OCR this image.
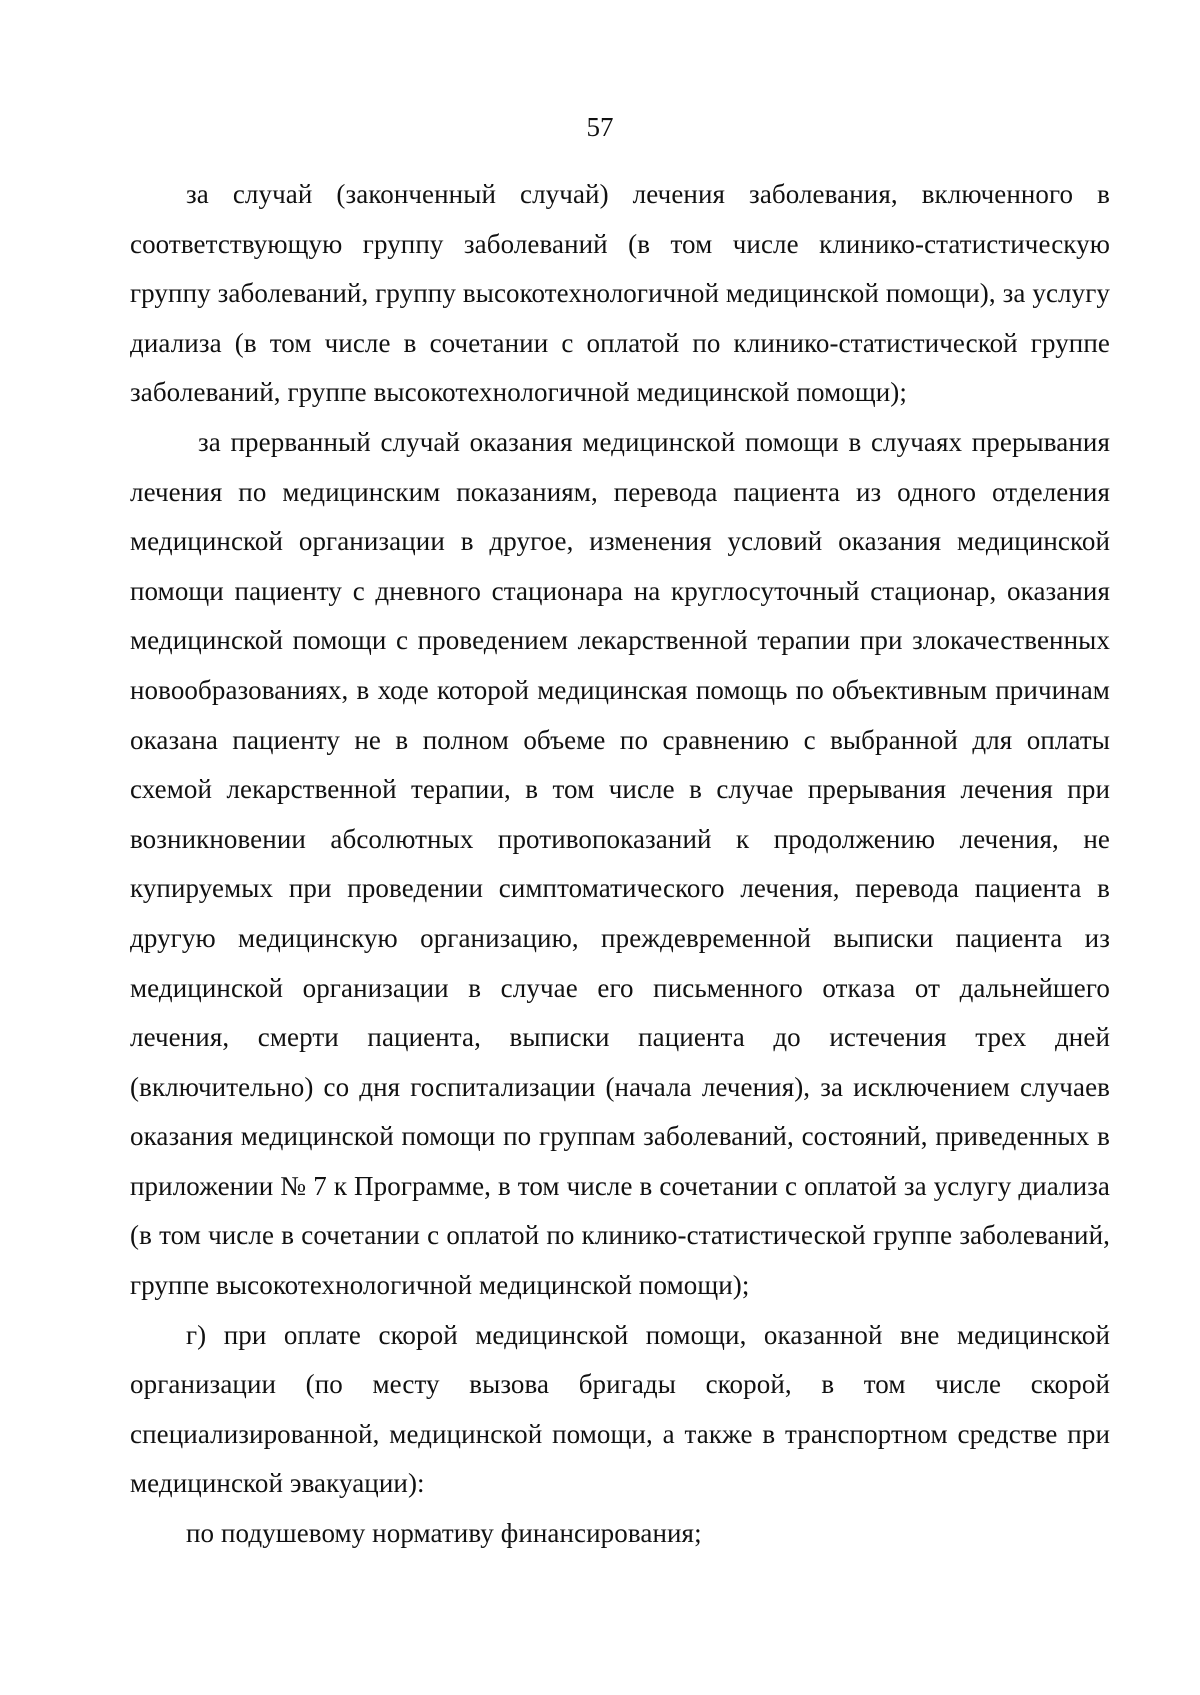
57

за случай (законченный случай) лечения заболевания, включенного в соответствующую группу заболеваний (в том числе клинико-статистическую группу заболеваний, группу высокотехнологичной медицинской помощи), за услугу диализа (в том числе в сочетании с оплатой по клинико-статистической группе заболеваний, группе высокотехнологичной медицинской помощи);

за прерванный случай оказания медицинской помощи в случаях прерывания лечения по медицинским показаниям, перевода пациента из одного отделения медицинской организации в другое, изменения условий оказания медицинской помощи пациенту с дневного стационара на круглосуточный стационар, оказания медицинской помощи с проведением лекарственной терапии при злокачественных новообразованиях, в ходе которой медицинская помощь по объективным причинам оказана пациенту не в полном объеме по сравнению с выбранной для оплаты схемой лекарственной терапии, в том числе в случае прерывания лечения при возникновении абсолютных противопоказаний к продолжению лечения, не купируемых при проведении симптоматического лечения, перевода пациента в другую медицинскую организацию, преждевременной выписки пациента из медицинской организации в случае его письменного отказа от дальнейшего лечения, смерти пациента, выписки пациента до истечения трех дней (включительно) со дня госпитализации (начала лечения), за исключением случаев оказания медицинской помощи по группам заболеваний, состояний, приведенных в приложении № 7 к Программе, в том числе в сочетании с оплатой за услугу диализа (в том числе в сочетании с оплатой по клинико-статистической группе заболеваний, группе высокотехнологичной медицинской помощи);

г) при оплате скорой медицинской помощи, оказанной вне медицинской организации (по месту вызова бригады скорой, в том числе скорой специализированной, медицинской помощи, а также в транспортном средстве при медицинской эвакуации):

по подушевому нормативу финансирования;
